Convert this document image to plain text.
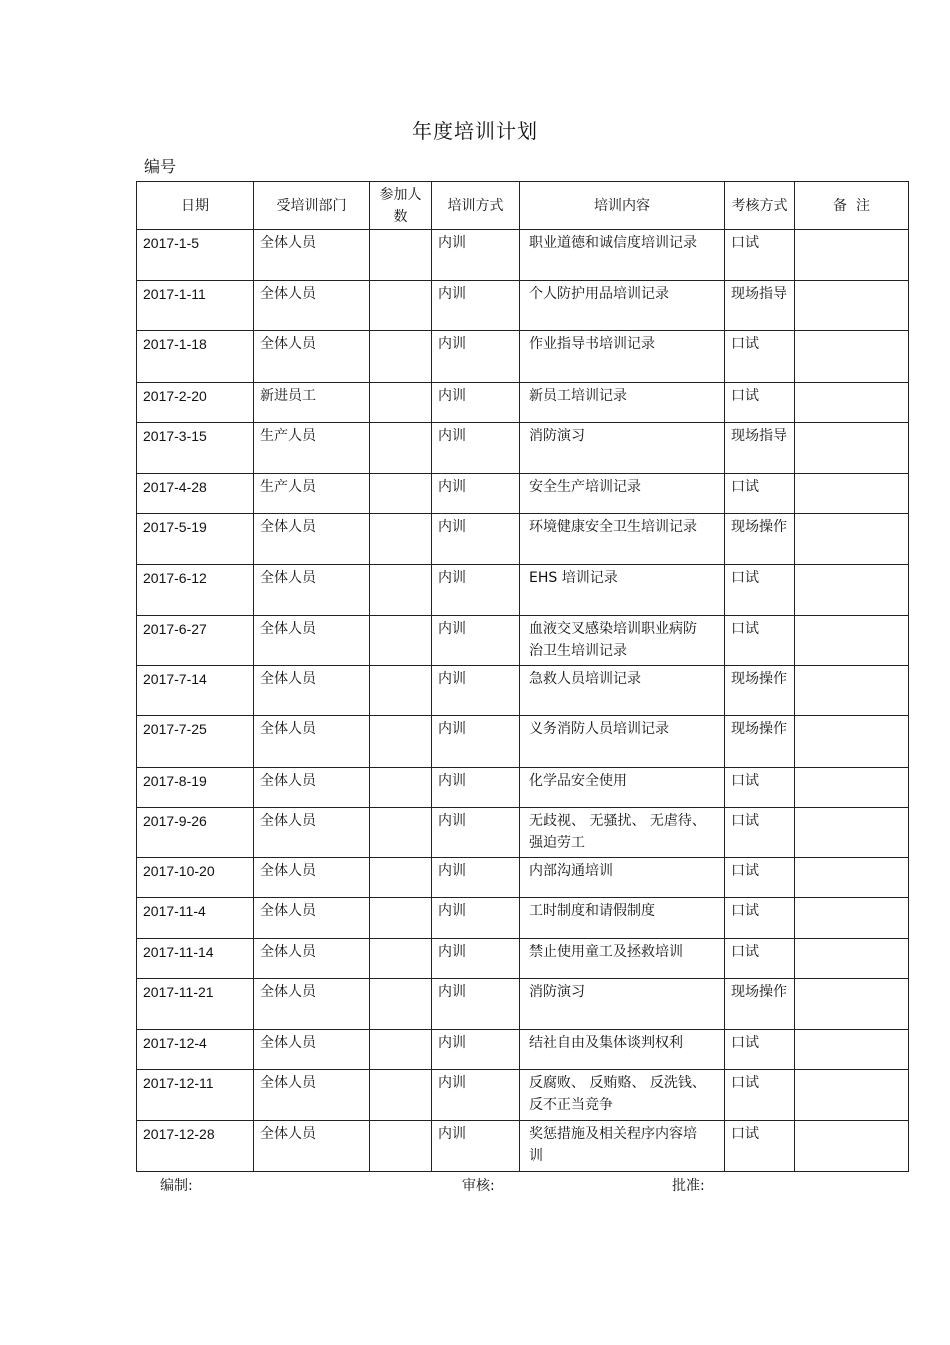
年度培训计划
编号
日期	受培训部门	参加人数	培训方式	培训内容	考核方式	备  注
2017-1-5	全体人员		内训	职业道德和诚信度培训记录	口试	
2017-1-11	全体人员		内训	个人防护用品培训记录	现场指导	
2017-1-18	全体人员		内训	作业指导书培训记录	口试	
2017-2-20	新进员工		内训	新员工培训记录	口试	
2017-3-15	生产人员		内训	消防演习	现场指导	
2017-4-28	生产人员		内训	安全生产培训记录	口试	
2017-5-19	全体人员		内训	环境健康安全卫生培训记录	现场操作	
2017-6-12	全体人员		内训	EHS 培训记录	口试	
2017-6-27	全体人员		内训	血液交叉感染培训职业病防治卫生培训记录	口试	
2017-7-14	全体人员		内训	急救人员培训记录	现场操作	
2017-7-25	全体人员		内训	义务消防人员培训记录	现场操作	
2017-8-19	全体人员		内训	化学品安全使用	口试	
2017-9-26	全体人员		内训	无歧视、 无骚扰、 无虐待、强迫劳工	口试	
2017-10-20	全体人员		内训	内部沟通培训	口试	
2017-11-4	全体人员		内训	工时制度和请假制度	口试	
2017-11-14	全体人员		内训	禁止使用童工及拯救培训	口试	
2017-11-21	全体人员		内训	消防演习	现场操作	
2017-12-4	全体人员		内训	结社自由及集体谈判权利	口试	
2017-12-11	全体人员		内训	反腐败、 反贿赂、 反洗钱、反不正当竞争	口试	
2017-12-28	全体人员		内训	奖惩措施及相关程序内容培训	口试	
编制:	审核:	批准:
